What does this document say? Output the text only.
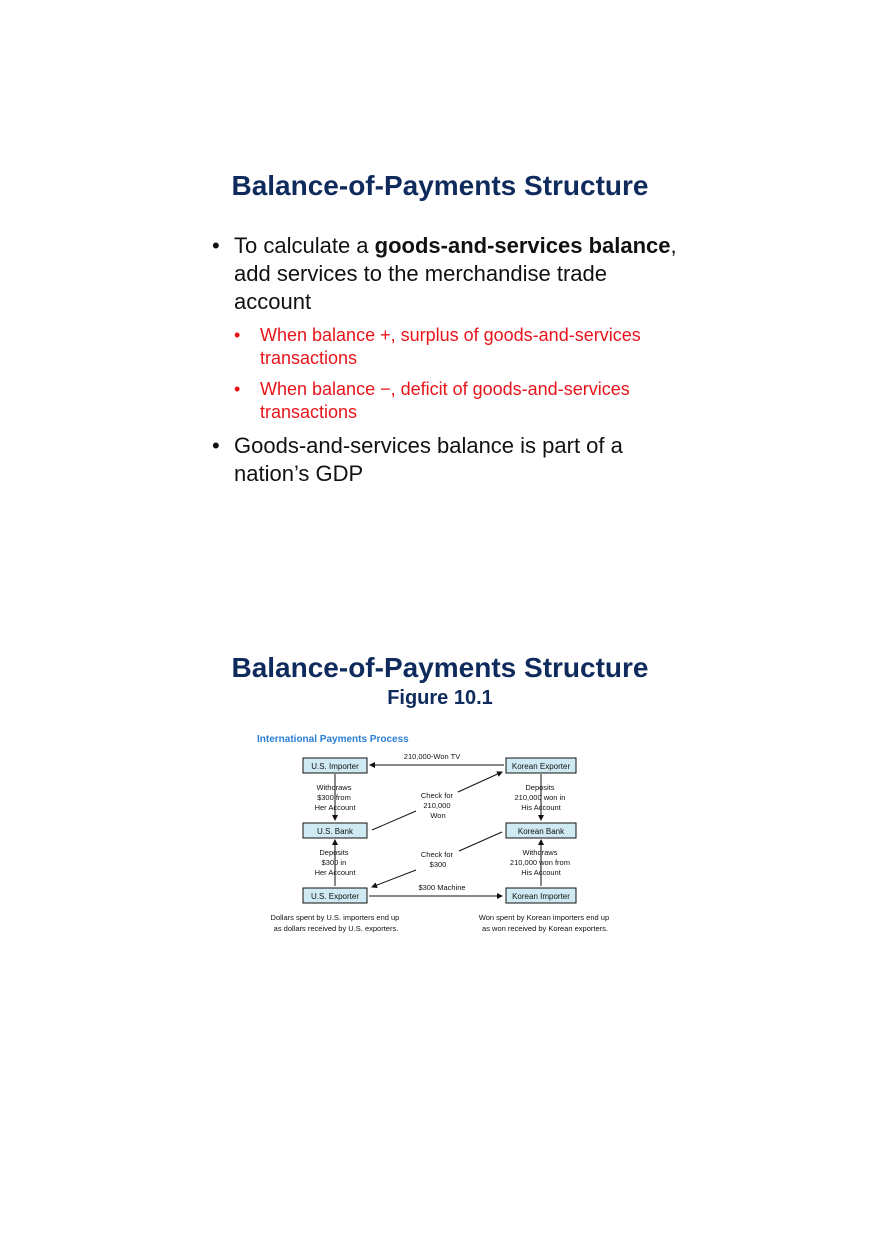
Balance-of-Payments Structure
• To calculate a goods-and-services balance, add services to the merchandise trade account
• When balance +, surplus of goods-and-services transactions
• When balance −, deficit of goods-and-services transactions
• Goods-and-services balance is part of a nation’s GDP
Balance-of-Payments Structure
Figure 10.1
International Payments Process
U.S. Importer	Korean Exporter
U.S. Bank	Korean Bank
U.S. Exporter	Korean Importer
210,000-Won TV
$300 Machine
Withdraws $300 from Her Account
Deposits 210,000 won in His Account
Deposits $300 in Her Account
Withdraws 210,000 won from His Account
Check for 210,000 Won
Check for $300
Dollars spent by U.S. importers end up as dollars received by U.S. exporters.
Won spent by Korean importers end up as won received by Korean exporters.
